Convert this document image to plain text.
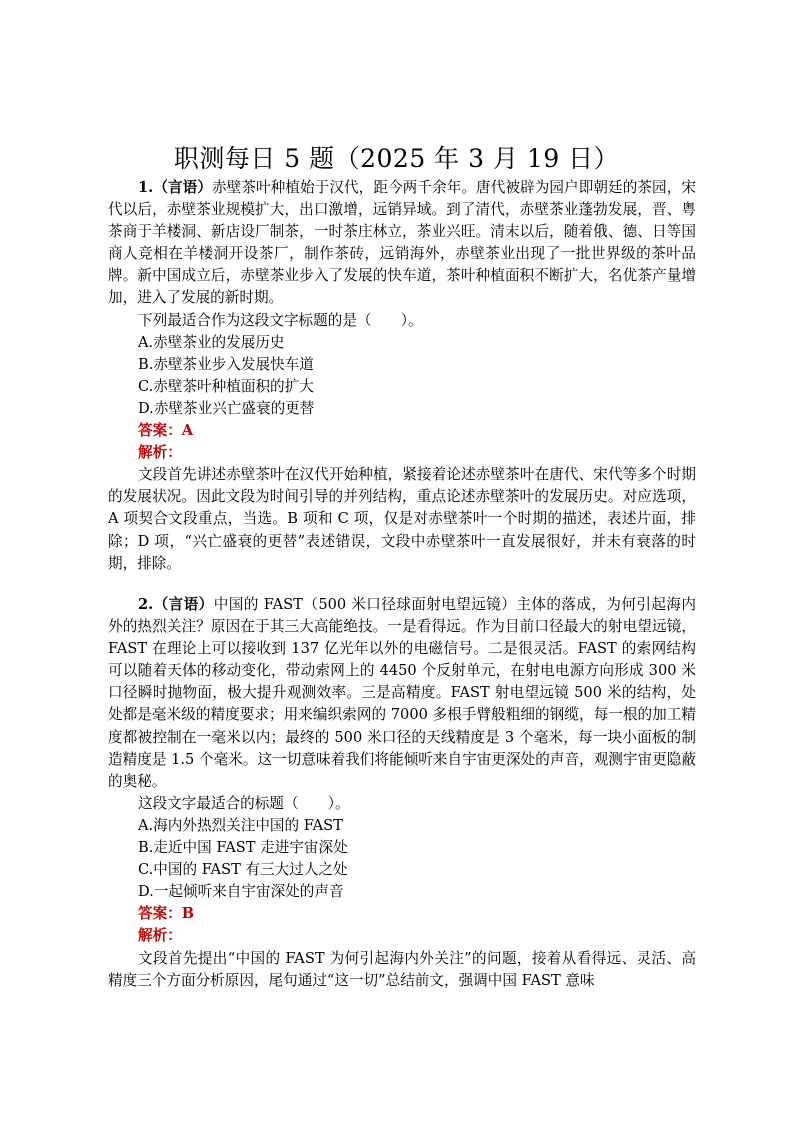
职测每日 5 题（2025 年 3 月 19 日）

1.（言语）赤壁茶叶种植始于汉代，距今两千余年。唐代被辟为园户即朝廷的茶园，宋代以后，赤壁茶业规模扩大，出口激增，远销异域。到了清代，赤壁茶业蓬勃发展，晋、粤茶商于羊楼洞、新店设厂制茶，一时茶庄林立，茶业兴旺。清末以后，随着俄、德、日等国商人竞相在羊楼洞开设茶厂，制作茶砖，远销海外，赤壁茶业出现了一批世界级的茶叶品牌。新中国成立后，赤壁茶业步入了发展的快车道，茶叶种植面积不断扩大，名优茶产量增加，进入了发展的新时期。

下列最适合作为这段文字标题的是（　　）。
A.赤壁茶业的发展历史
B.赤壁茶业步入发展快车道
C.赤壁茶叶种植面积的扩大
D.赤壁茶业兴亡盛衰的更替
答案：A
解析：

文段首先讲述赤壁茶叶在汉代开始种植，紧接着论述赤壁茶叶在唐代、宋代等多个时期的发展状况。因此文段为时间引导的并列结构，重点论述赤壁茶叶的发展历史。对应选项，A 项契合文段重点，当选。B 项和 C 项，仅是对赤壁茶叶一个时期的描述，表述片面，排除；D 项，“兴亡盛衰的更替”表述错误，文段中赤壁茶叶一直发展很好，并未有衰落的时期，排除。

2.（言语）中国的 FAST（500 米口径球面射电望远镜）主体的落成，为何引起海内外的热烈关注？原因在于其三大高能绝技。一是看得远。作为目前口径最大的射电望远镜，FAST 在理论上可以接收到 137 亿光年以外的电磁信号。二是很灵活。FAST 的索网结构可以随着天体的移动变化，带动索网上的 4450 个反射单元，在射电电源方向形成 300 米口径瞬时抛物面，极大提升观测效率。三是高精度。FAST 射电望远镜 500 米的结构，处处都是毫米级的精度要求；用来编织索网的 7000 多根手臂般粗细的钢缆，每一根的加工精度都被控制在一毫米以内；最终的 500 米口径的天线精度是 3 个毫米，每一块小面板的制造精度是 1.5 个毫米。这一切意味着我们将能倾听来自宇宙更深处的声音，观测宇宙更隐蔽的奥秘。

这段文字最适合的标题（　　）。
A.海内外热烈关注中国的 FAST
B.走近中国 FAST 走进宇宙深处
C.中国的 FAST 有三大过人之处
D.一起倾听来自宇宙深处的声音
答案：B
解析：

文段首先提出“中国的 FAST 为何引起海内外关注”的问题，接着从看得远、灵活、高精度三个方面分析原因，尾句通过“这一切”总结前文，强调中国 FAST 意味
